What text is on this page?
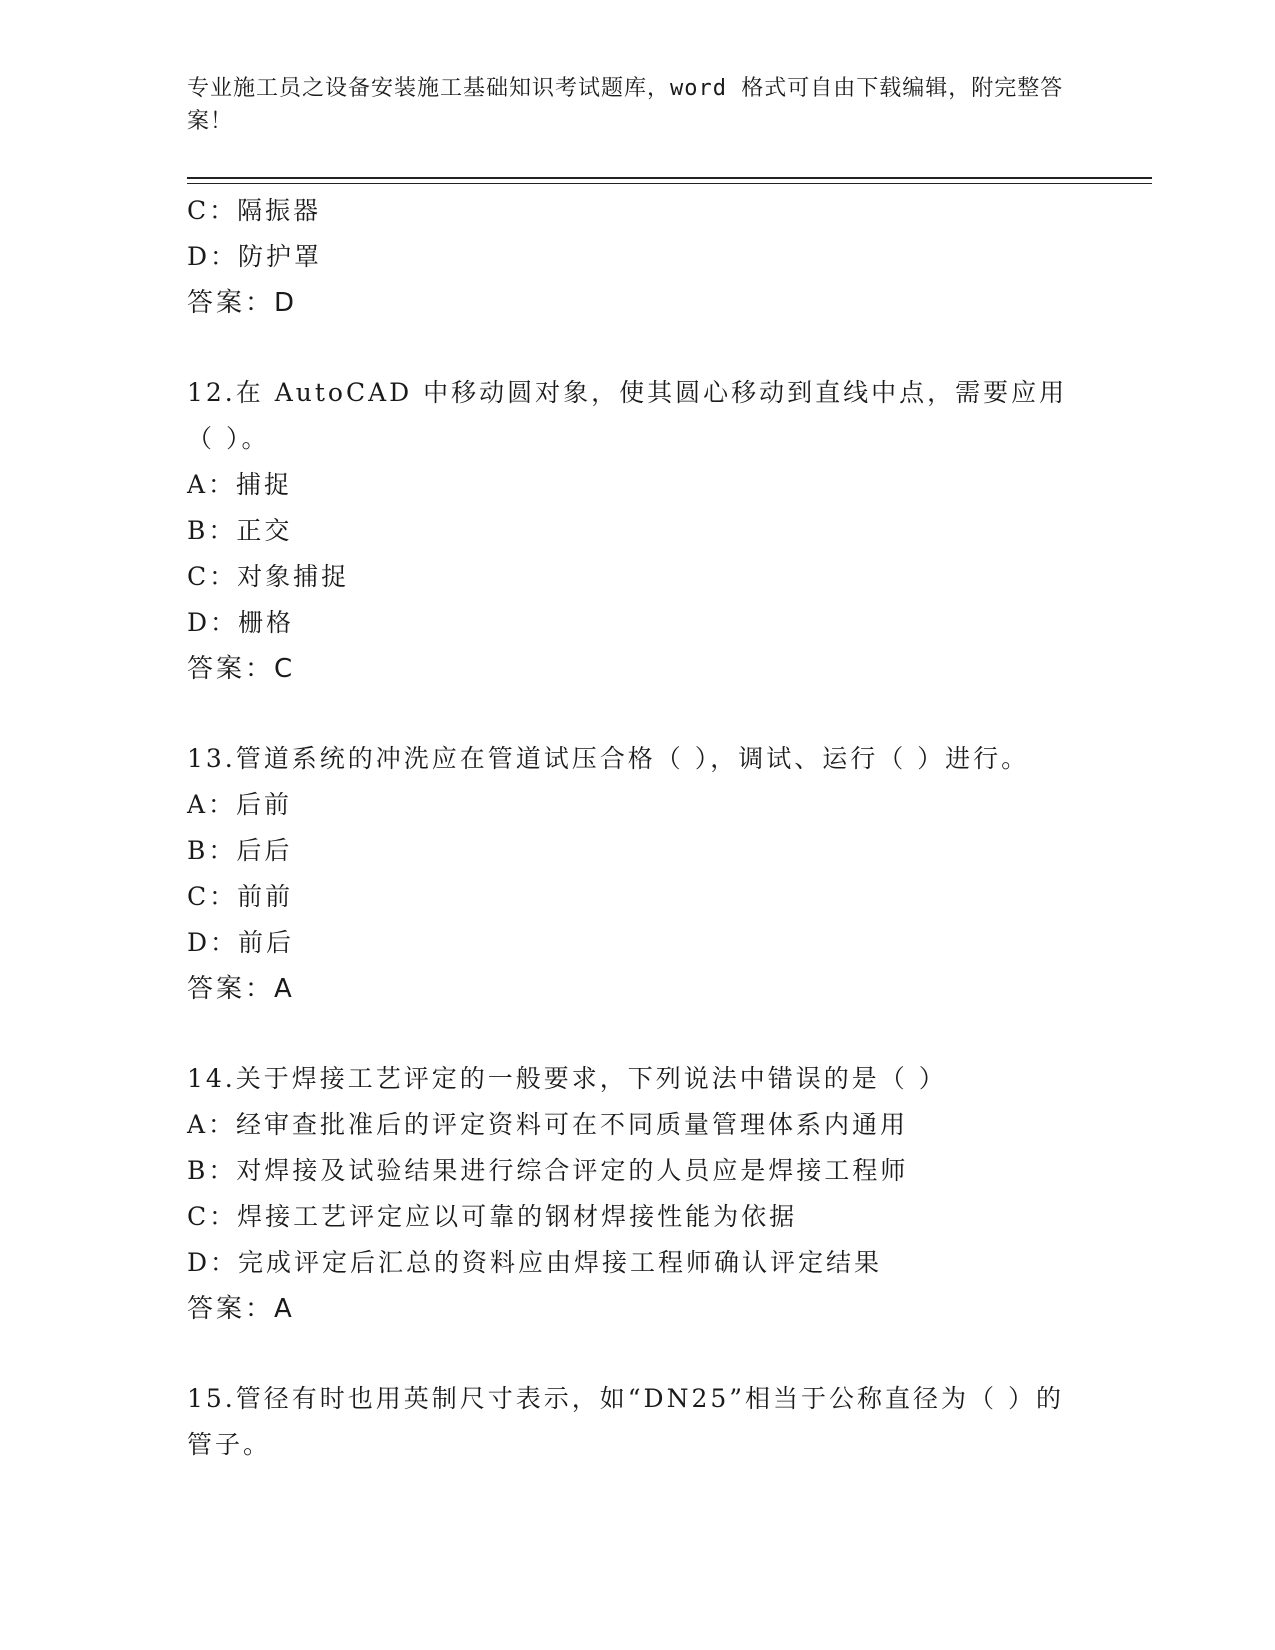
专业施工员之设备安装施工基础知识考试题库，word 格式可自由下载编辑，附完整答案！
C：隔振器
D：防护罩
答案：D
12.在 AutoCAD 中移动圆对象，使其圆心移动到直线中点，需要应用（ ）。
A：捕捉
B：正交
C：对象捕捉
D：栅格
答案：C
13.管道系统的冲洗应在管道试压合格（ ），调试、运行（ ）进行。
A：后前
B：后后
C：前前
D：前后
答案：A
14.关于焊接工艺评定的一般要求，下列说法中错误的是（ ）
A：经审查批准后的评定资料可在不同质量管理体系内通用
B：对焊接及试验结果进行综合评定的人员应是焊接工程师
C：焊接工艺评定应以可靠的钢材焊接性能为依据
D：完成评定后汇总的资料应由焊接工程师确认评定结果
答案：A
15.管径有时也用英制尺寸表示，如“DN25”相当于公称直径为（ ）的管子。
